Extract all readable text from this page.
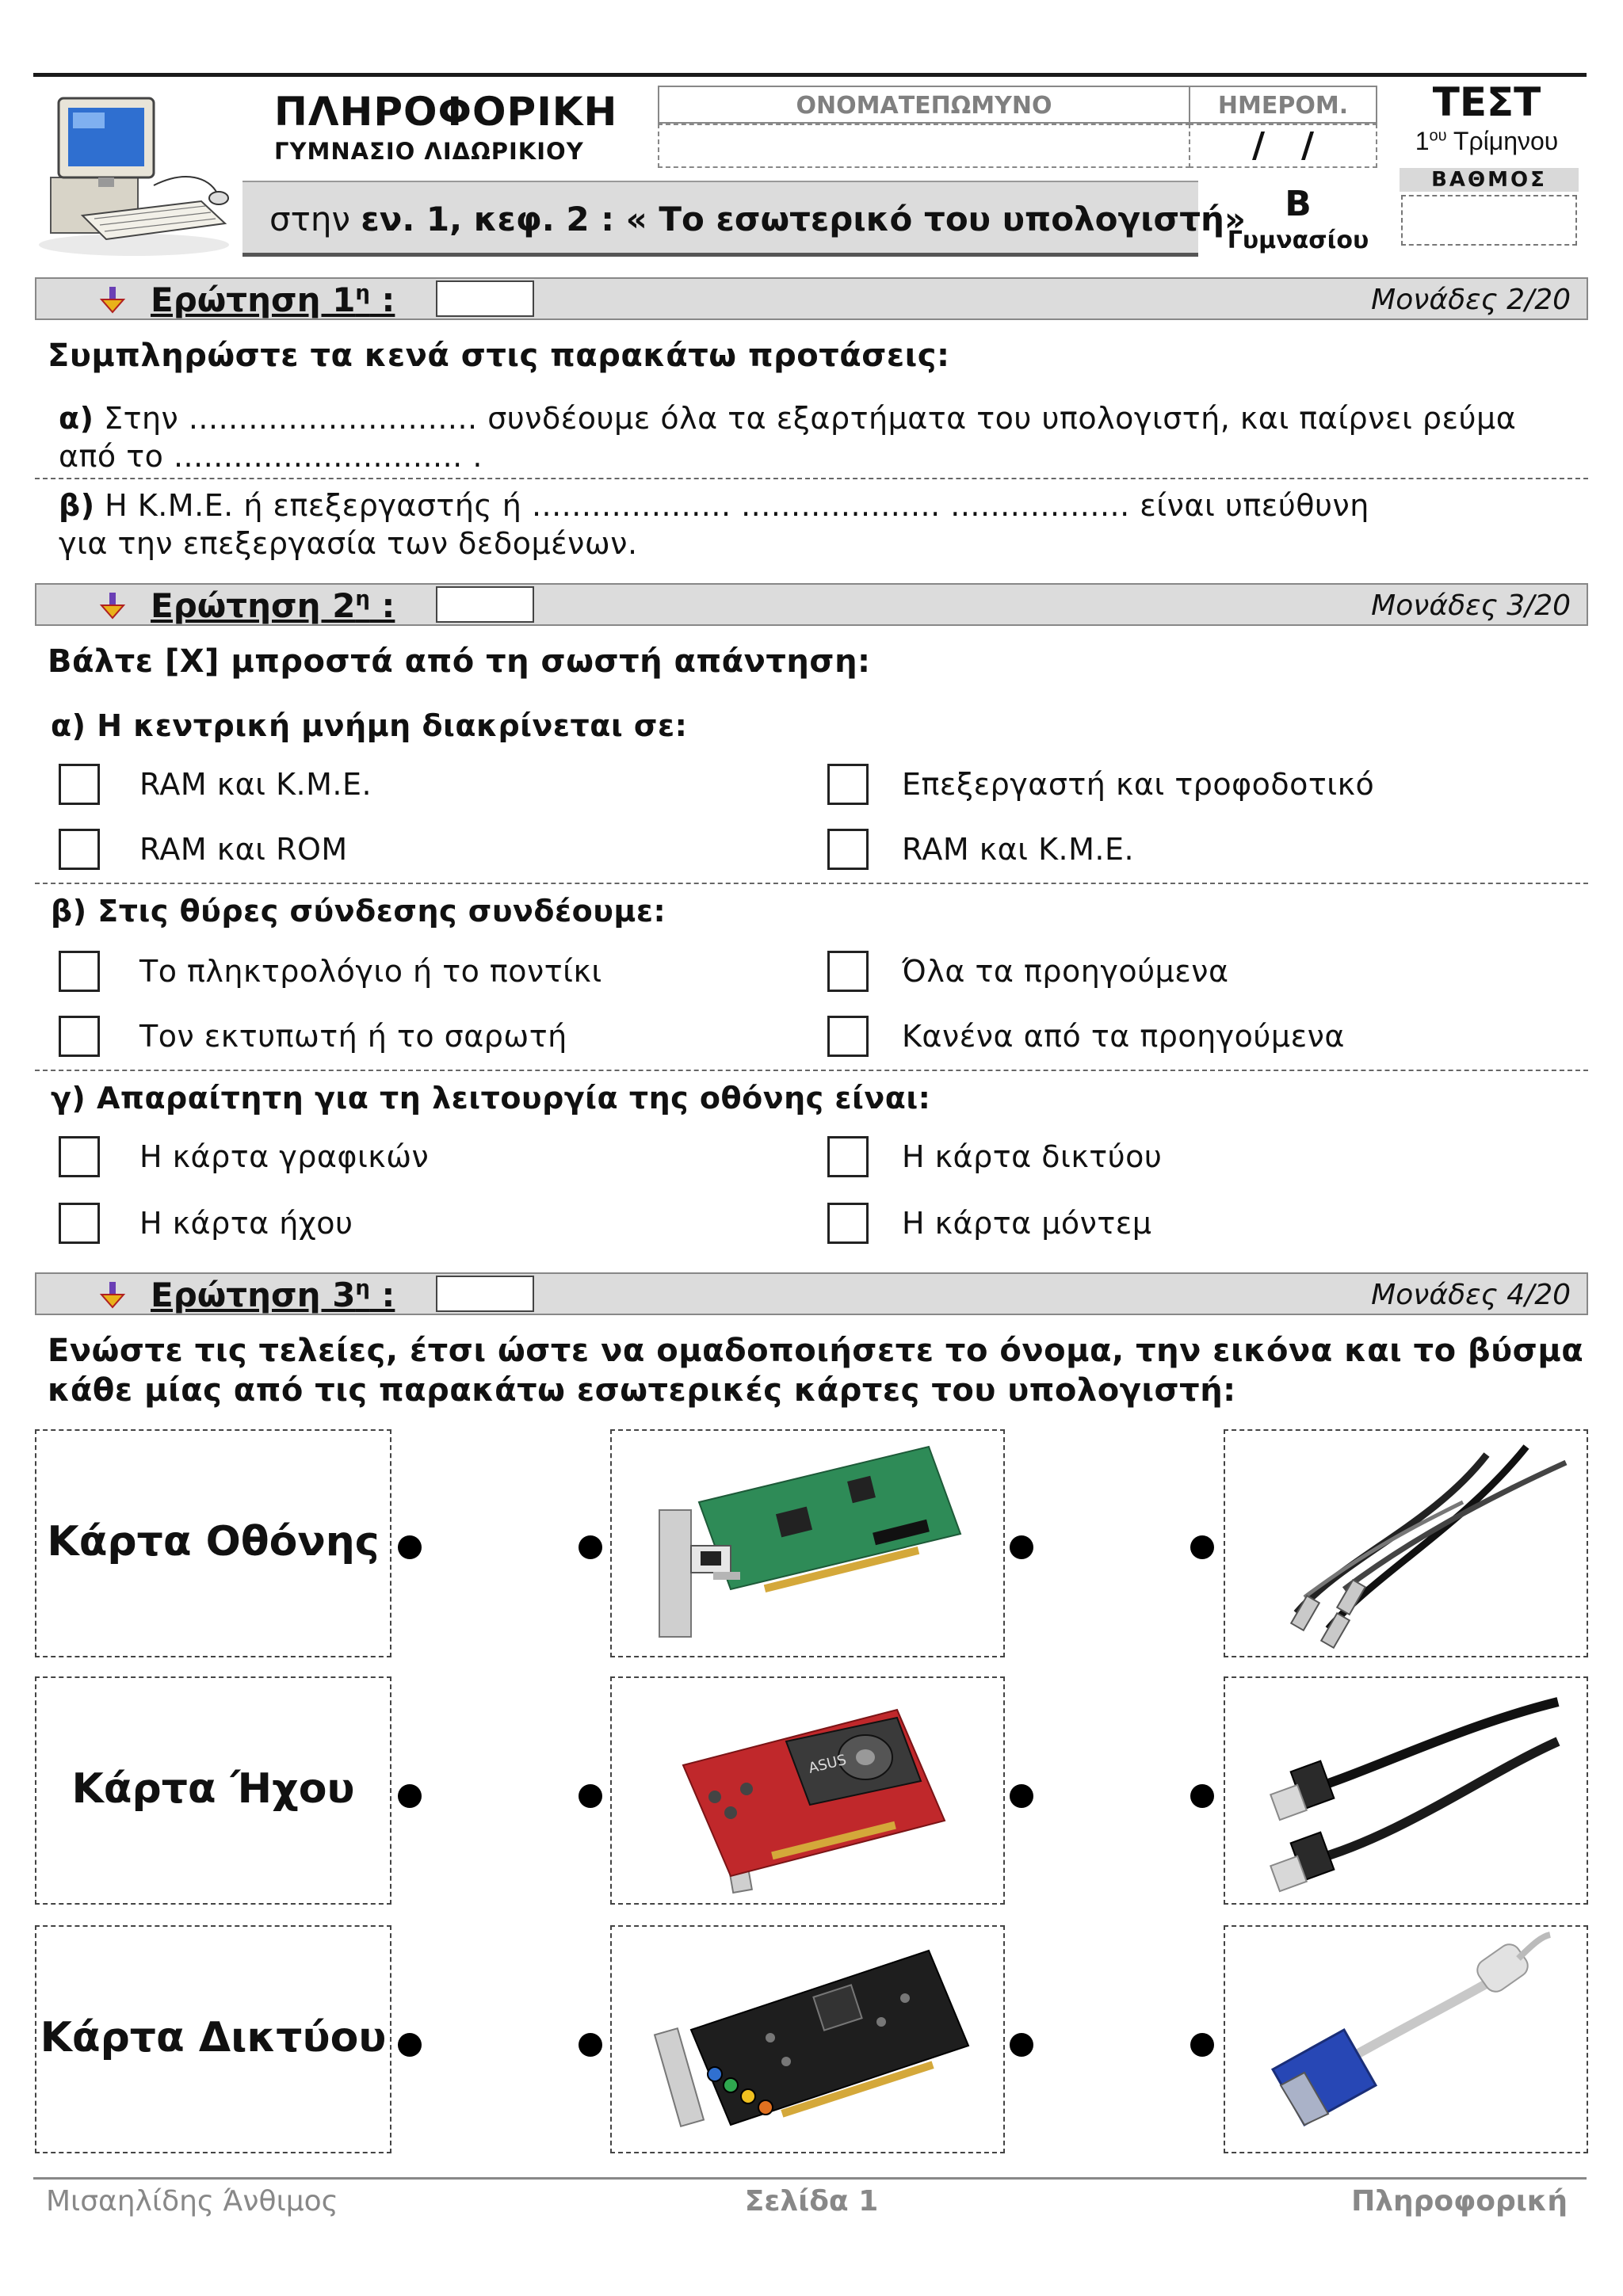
ΠΛΗΡΟΦΟΡΙΚΗ
ΓΥΜΝΑΣΙΟ ΛΙΔΩΡΙΚΙΟΥ
ΟΝΟΜΑΤΕΠΩΜΥΝΟ	ΗΜΕΡΟΜ.
/   /
ΤΕΣΤ
$1^{o\upsilon}$ Τρίμηνου
ΒΑΘΜΟΣ
στην εν. 1, κεφ. 2 : « Το εσωτερικό του υπολογιστή»	Β
Γυμνασίου
Ερώτηση $1^\eta$ :	Μονάδες 2/20
Συμπληρώστε τα κενά στις παρακάτω προτάσεις:
α) Στην ............................. συνδέουμε όλα τα εξαρτήματα του υπολογιστή, και παίρνει ρεύμα
από το ............................. .
β) Η Κ.Μ.Ε. ή επεξεργαστής ή .................... .................... .................. είναι υπεύθυνη
για την επεξεργασία των δεδομένων.
Ερώτηση $2^\eta$ :	Μονάδες 3/20
Βάλτε [Χ] μπροστά από τη σωστή απάντηση:
α) Η κεντρική μνήμη διακρίνεται σε:
RAM και Κ.Μ.Ε.	Επεξεργαστή και τροφοδοτικό
RAM και ROM	RAM και Κ.Μ.Ε.
β) Στις θύρες σύνδεσης συνδέουμε:
Το πληκτρολόγιο ή το ποντίκι	Όλα τα προηγούμενα
Τον εκτυπωτή ή το σαρωτή	Κανένα από τα προηγούμενα
γ) Απαραίτητη για τη λειτουργία της οθόνης είναι:
Η κάρτα γραφικών	Η κάρτα δικτύου
Η κάρτα ήχου	Η κάρτα μόντεμ
Ερώτηση $3^\eta$ :	Μονάδες 4/20
Ενώστε τις τελείες, έτσι ώστε να ομαδοποιήσετε το όνομα, την εικόνα και το βύσμα
κάθε μίας από τις παρακάτω εσωτερικές κάρτες του υπολογιστή:
Κάρτα Οθόνης
Κάρτα Ήχου
ASUS
Κάρτα Δικτύου
Μισαηλίδης Άνθιμος	Σελίδα 1	Πληροφορική
